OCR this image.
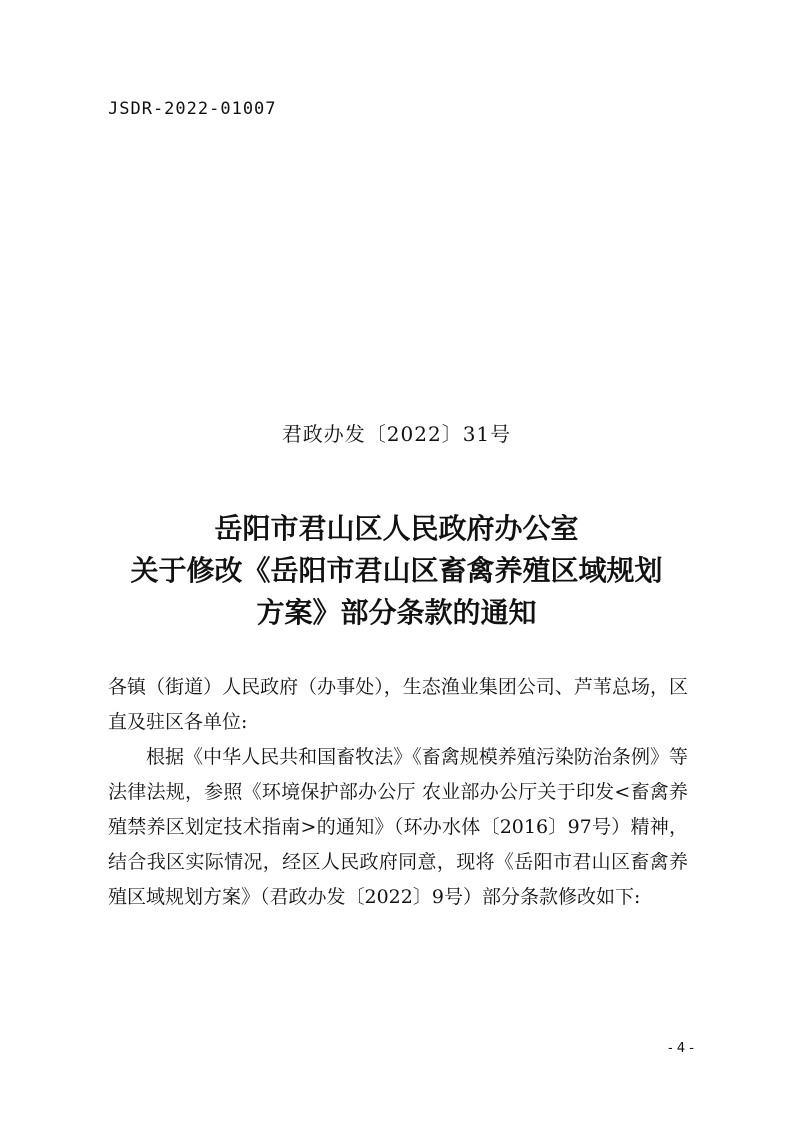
JSDR-2022-01007
君政办发〔2022〕31号
岳阳市君山区人民政府办公室
关于修改《岳阳市君山区畜禽养殖区域规划
方案》部分条款的通知

各镇（街道）人民政府（办事处），生态渔业集团公司、芦苇总场，区直及驻区各单位:

根据《中华人民共和国畜牧法》《畜禽规模养殖污染防治条例》等法律法规，参照《环境保护部办公厅 农业部办公厅关于印发<畜禽养殖禁养区划定技术指南>的通知》（环办水体〔2016〕97号）精神，结合我区实际情况，经区人民政府同意，现将《岳阳市君山区畜禽养殖区域规划方案》（君政办发〔2022〕9号）部分条款修改如下:

- 4 -
